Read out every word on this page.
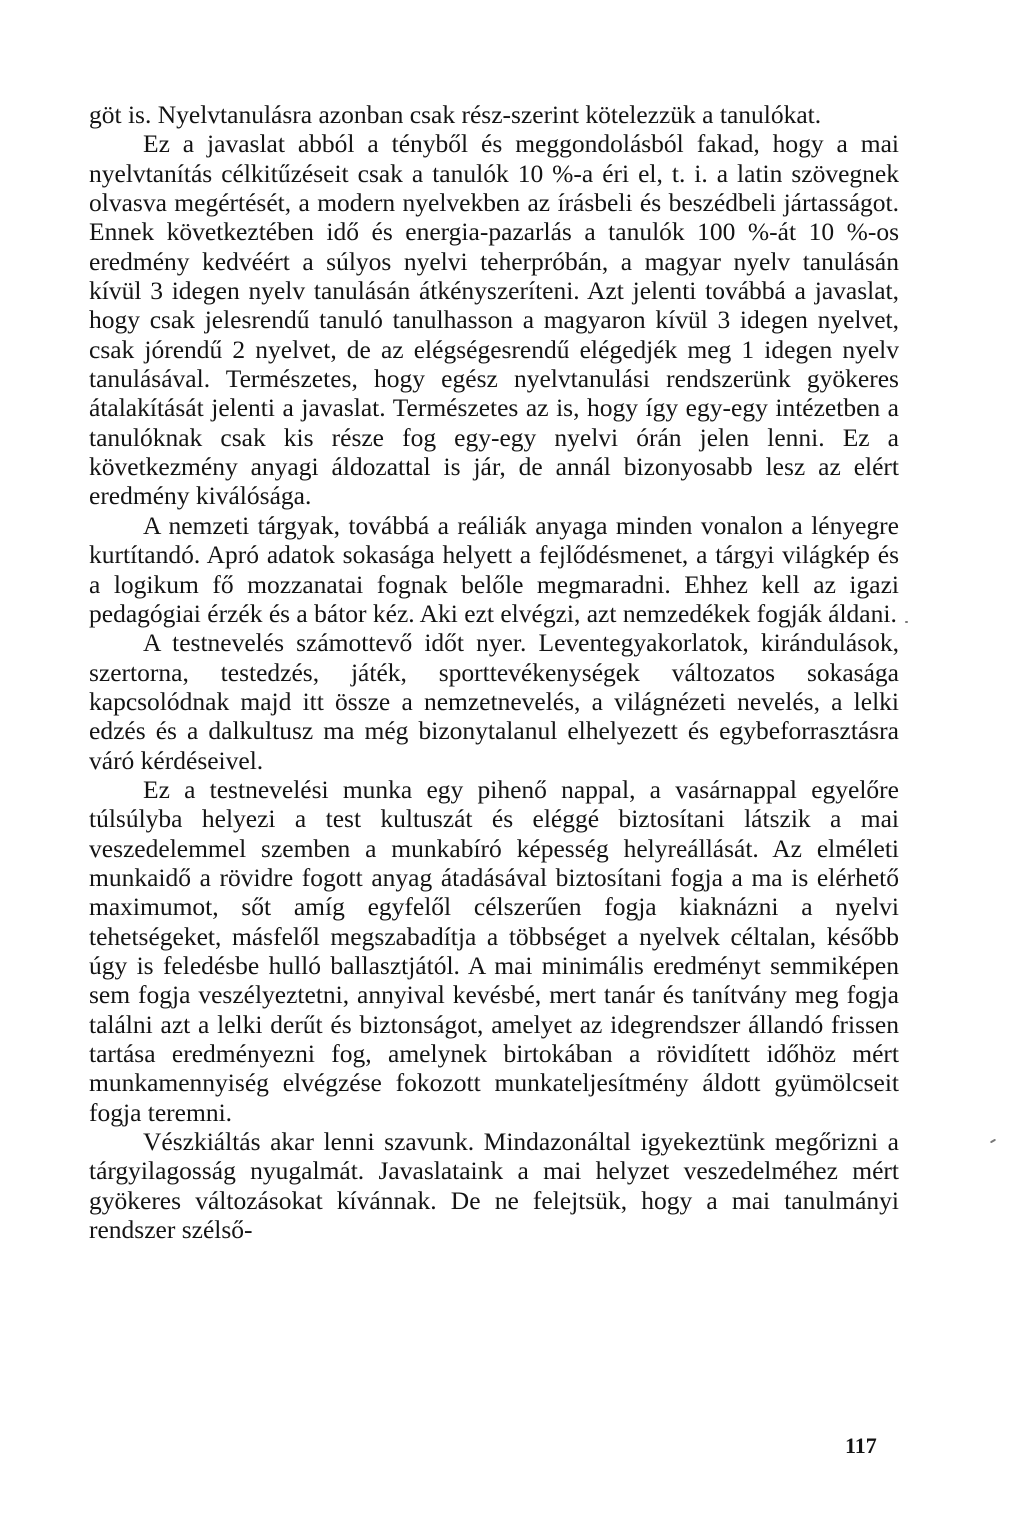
göt is. Nyelvtanulásra azonban csak rész-szerint kötelezzük a tanulókat.

Ez a javaslat abból a tényből és meggondolásból fakad, hogy a mai nyelvtanítás célkitűzéseit csak a tanulók 10 %-a éri el, t. i. a latin szövegnek olvasva megértését, a modern nyelvekben az írásbeli és beszédbeli jártasságot. Ennek következtében idő és energia-pazarlás a tanulók 100 %-át 10 %-os eredmény kedvéért a súlyos nyelvi teherpróbán, a magyar nyelv tanulásán kívül 3 idegen nyelv tanulásán átkényszeríteni. Azt jelenti továbbá a javaslat, hogy csak jelesrendű tanuló tanulhasson a magyaron kívül 3 idegen nyelvet, csak jórendű 2 nyelvet, de az elégségesrendű elégedjék meg 1 idegen nyelv tanulásával. Természetes, hogy egész nyelvtanulási rendszerünk gyökeres átalakítását jelenti a javaslat. Természetes az is, hogy így egy-egy intézetben a tanulóknak csak kis része fog egy-egy nyelvi órán jelen lenni. Ez a következmény anyagi áldozattal is jár, de annál bizonyosabb lesz az elért eredmény kiválósága.

A nemzeti tárgyak, továbbá a reáliák anyaga minden vonalon a lényegre kurtítandó. Apró adatok sokasága helyett a fejlődésmenet, a tárgyi világkép és a logikum fő mozzanatai fognak belőle megmaradni. Ehhez kell az igazi pedagógiai érzék és a bátor kéz. Aki ezt elvégzi, azt nemzedékek fogják áldani.

A testnevelés számottevő időt nyer. Leventegyakorlatok, kirándulások, szertorna, testedzés, játék, sporttevékenységek változatos sokasága kapcsolódnak majd itt össze a nemzetnevelés, a világnézeti nevelés, a lelki edzés és a dalkultusz ma még bizonytalanul elhelyezett és egybeforrasztásra váró kérdéseivel.

Ez a testnevelési munka egy pihenő nappal, a vasárnappal egyelőre túlsúlyba helyezi a test kultuszát és eléggé biztosítani látszik a mai veszedelemmel szemben a munkabíró képesség helyreállását. Az elméleti munkaidő a rövidre fogott anyag átadásával biztosítani fogja a ma is elérhető maximumot, sőt amíg egyfelől célszerűen fogja kiaknázni a nyelvi tehetségeket, másfelől megszabadítja a többséget a nyelvek céltalan, később úgy is feledésbe hulló ballasztjától. A mai minimális eredményt semmiképen sem fogja veszélyeztetni, annyival kevésbé, mert tanár és tanítvány meg fogja találni azt a lelki derűt és biztonságot, amelyet az idegrendszer állandó frissen tartása eredményezni fog, amelynek birtokában a rövidített időhöz mért munkamennyiség elvégzése fokozott munkateljesítmény áldott gyümölcseit fogja teremni.

Vészkiáltás akar lenni szavunk. Mindazonáltal igyekeztünk megőrizni a tárgyilagosság nyugalmát. Javaslataink a mai helyzet veszedelméhez mért gyökeres változásokat kívánnak. De ne felejtsük, hogy a mai tanulmányi rendszer szélső-

117
